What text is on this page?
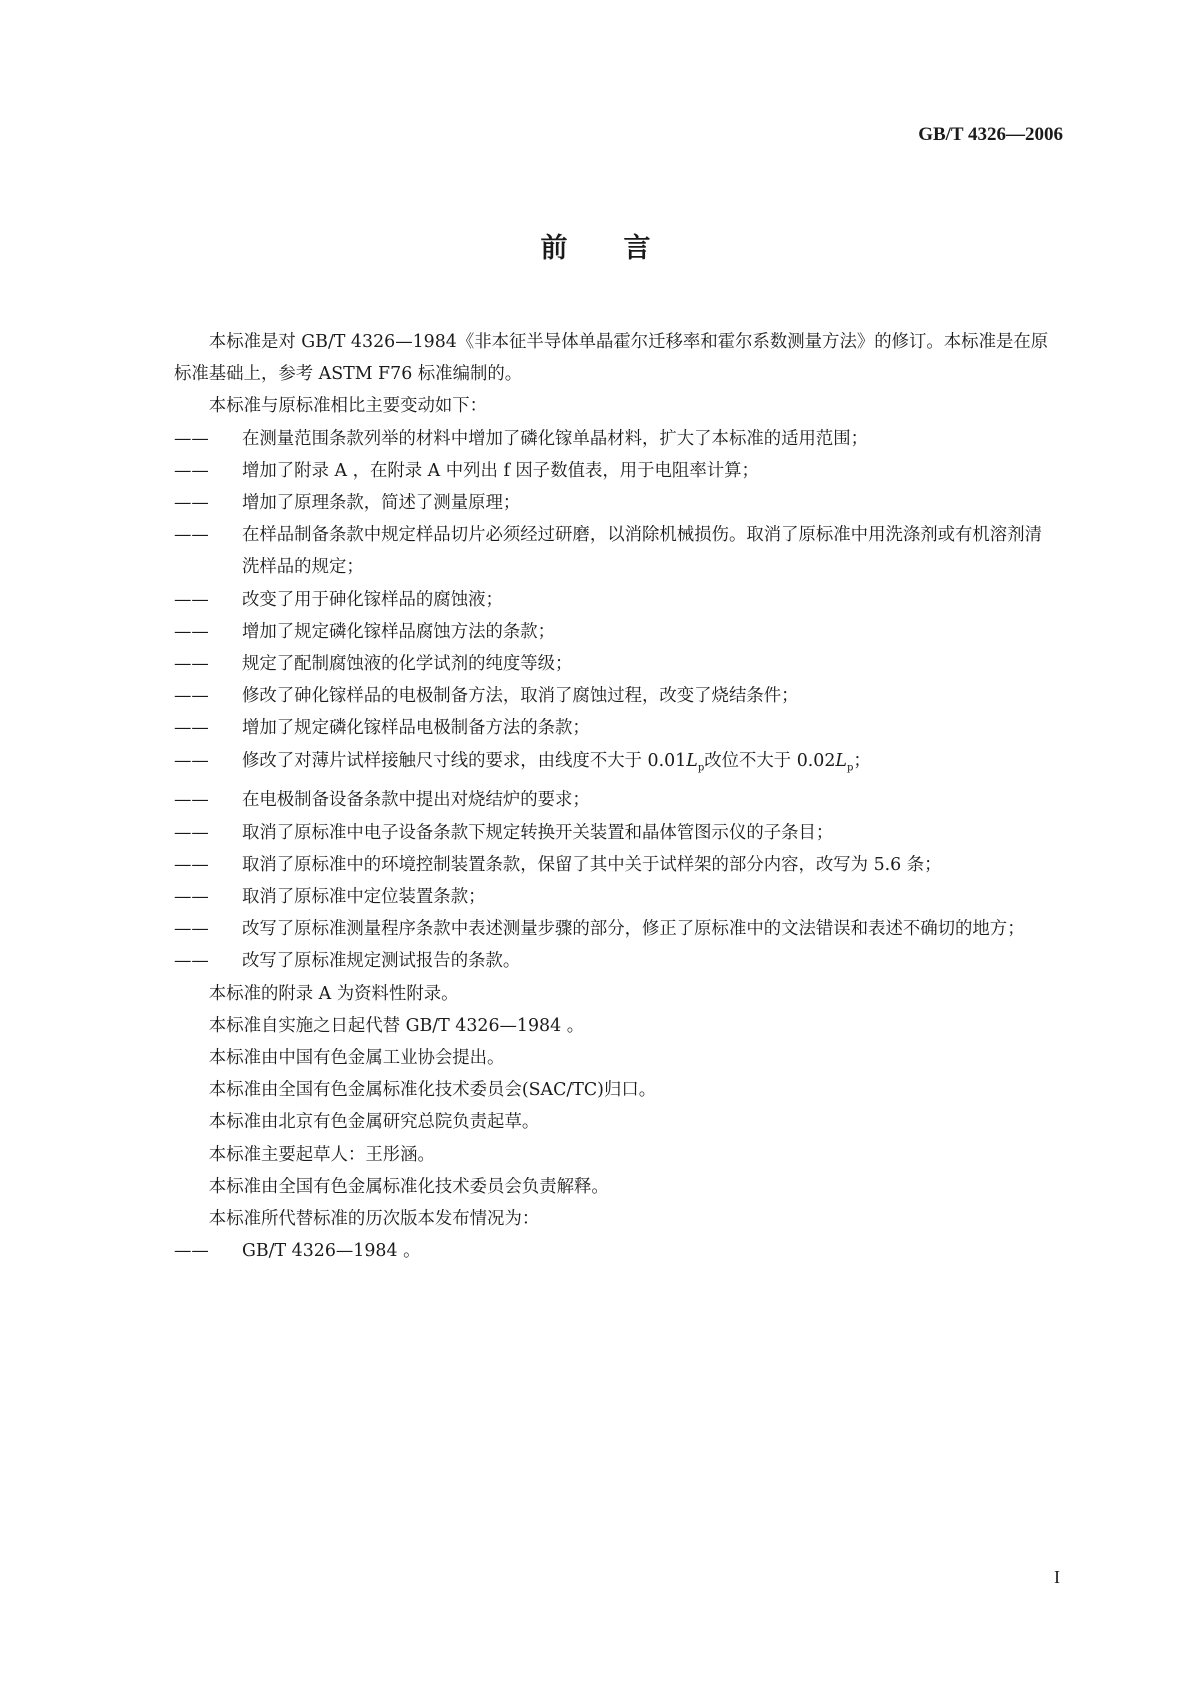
GB/T 4326—2006
前言

本标准是对 GB/T 4326—1984《非本征半导体单晶霍尔迁移率和霍尔系数测量方法》的修订。本标准是在原标准基础上，参考 ASTM F76 标准编制的。

本标准与原标准相比主要变动如下：

—— 在测量范围条款列举的材料中增加了磷化镓单晶材料，扩大了本标准的适用范围；
—— 增加了附录 A ，在附录 A 中列出 f 因子数值表，用于电阻率计算；
—— 增加了原理条款，简述了测量原理；
—— 在样品制备条款中规定样品切片必须经过研磨，以消除机械损伤。取消了原标准中用洗涤剂或有机溶剂清洗样品的规定；
—— 改变了用于砷化镓样品的腐蚀液；
—— 增加了规定磷化镓样品腐蚀方法的条款；
—— 规定了配制腐蚀液的化学试剂的纯度等级；
—— 修改了砷化镓样品的电极制备方法，取消了腐蚀过程，改变了烧结条件；
—— 增加了规定磷化镓样品电极制备方法的条款；
—— 修改了对薄片试样接触尺寸线的要求，由线度不大于 $0.01L_p$改位不大于 $0.02L_p$；
—— 在电极制备设备条款中提出对烧结炉的要求；
—— 取消了原标准中电子设备条款下规定转换开关装置和晶体管图示仪的子条目；
—— 取消了原标准中的环境控制装置条款，保留了其中关于试样架的部分内容，改写为 5.6 条；
—— 取消了原标准中定位装置条款；
—— 改写了原标准测量程序条款中表述测量步骤的部分，修正了原标准中的文法错误和表述不确切的地方；
—— 改写了原标准规定测试报告的条款。

本标准的附录 A 为资料性附录。

本标准自实施之日起代替 GB/T 4326—1984 。

本标准由中国有色金属工业协会提出。

本标准由全国有色金属标准化技术委员会(SAC/TC)归口。

本标准由北京有色金属研究总院负责起草。

本标准主要起草人：王彤涵。

本标准由全国有色金属标准化技术委员会负责解释。

本标准所代替标准的历次版本发布情况为：

—— GB/T 4326—1984 。
I
